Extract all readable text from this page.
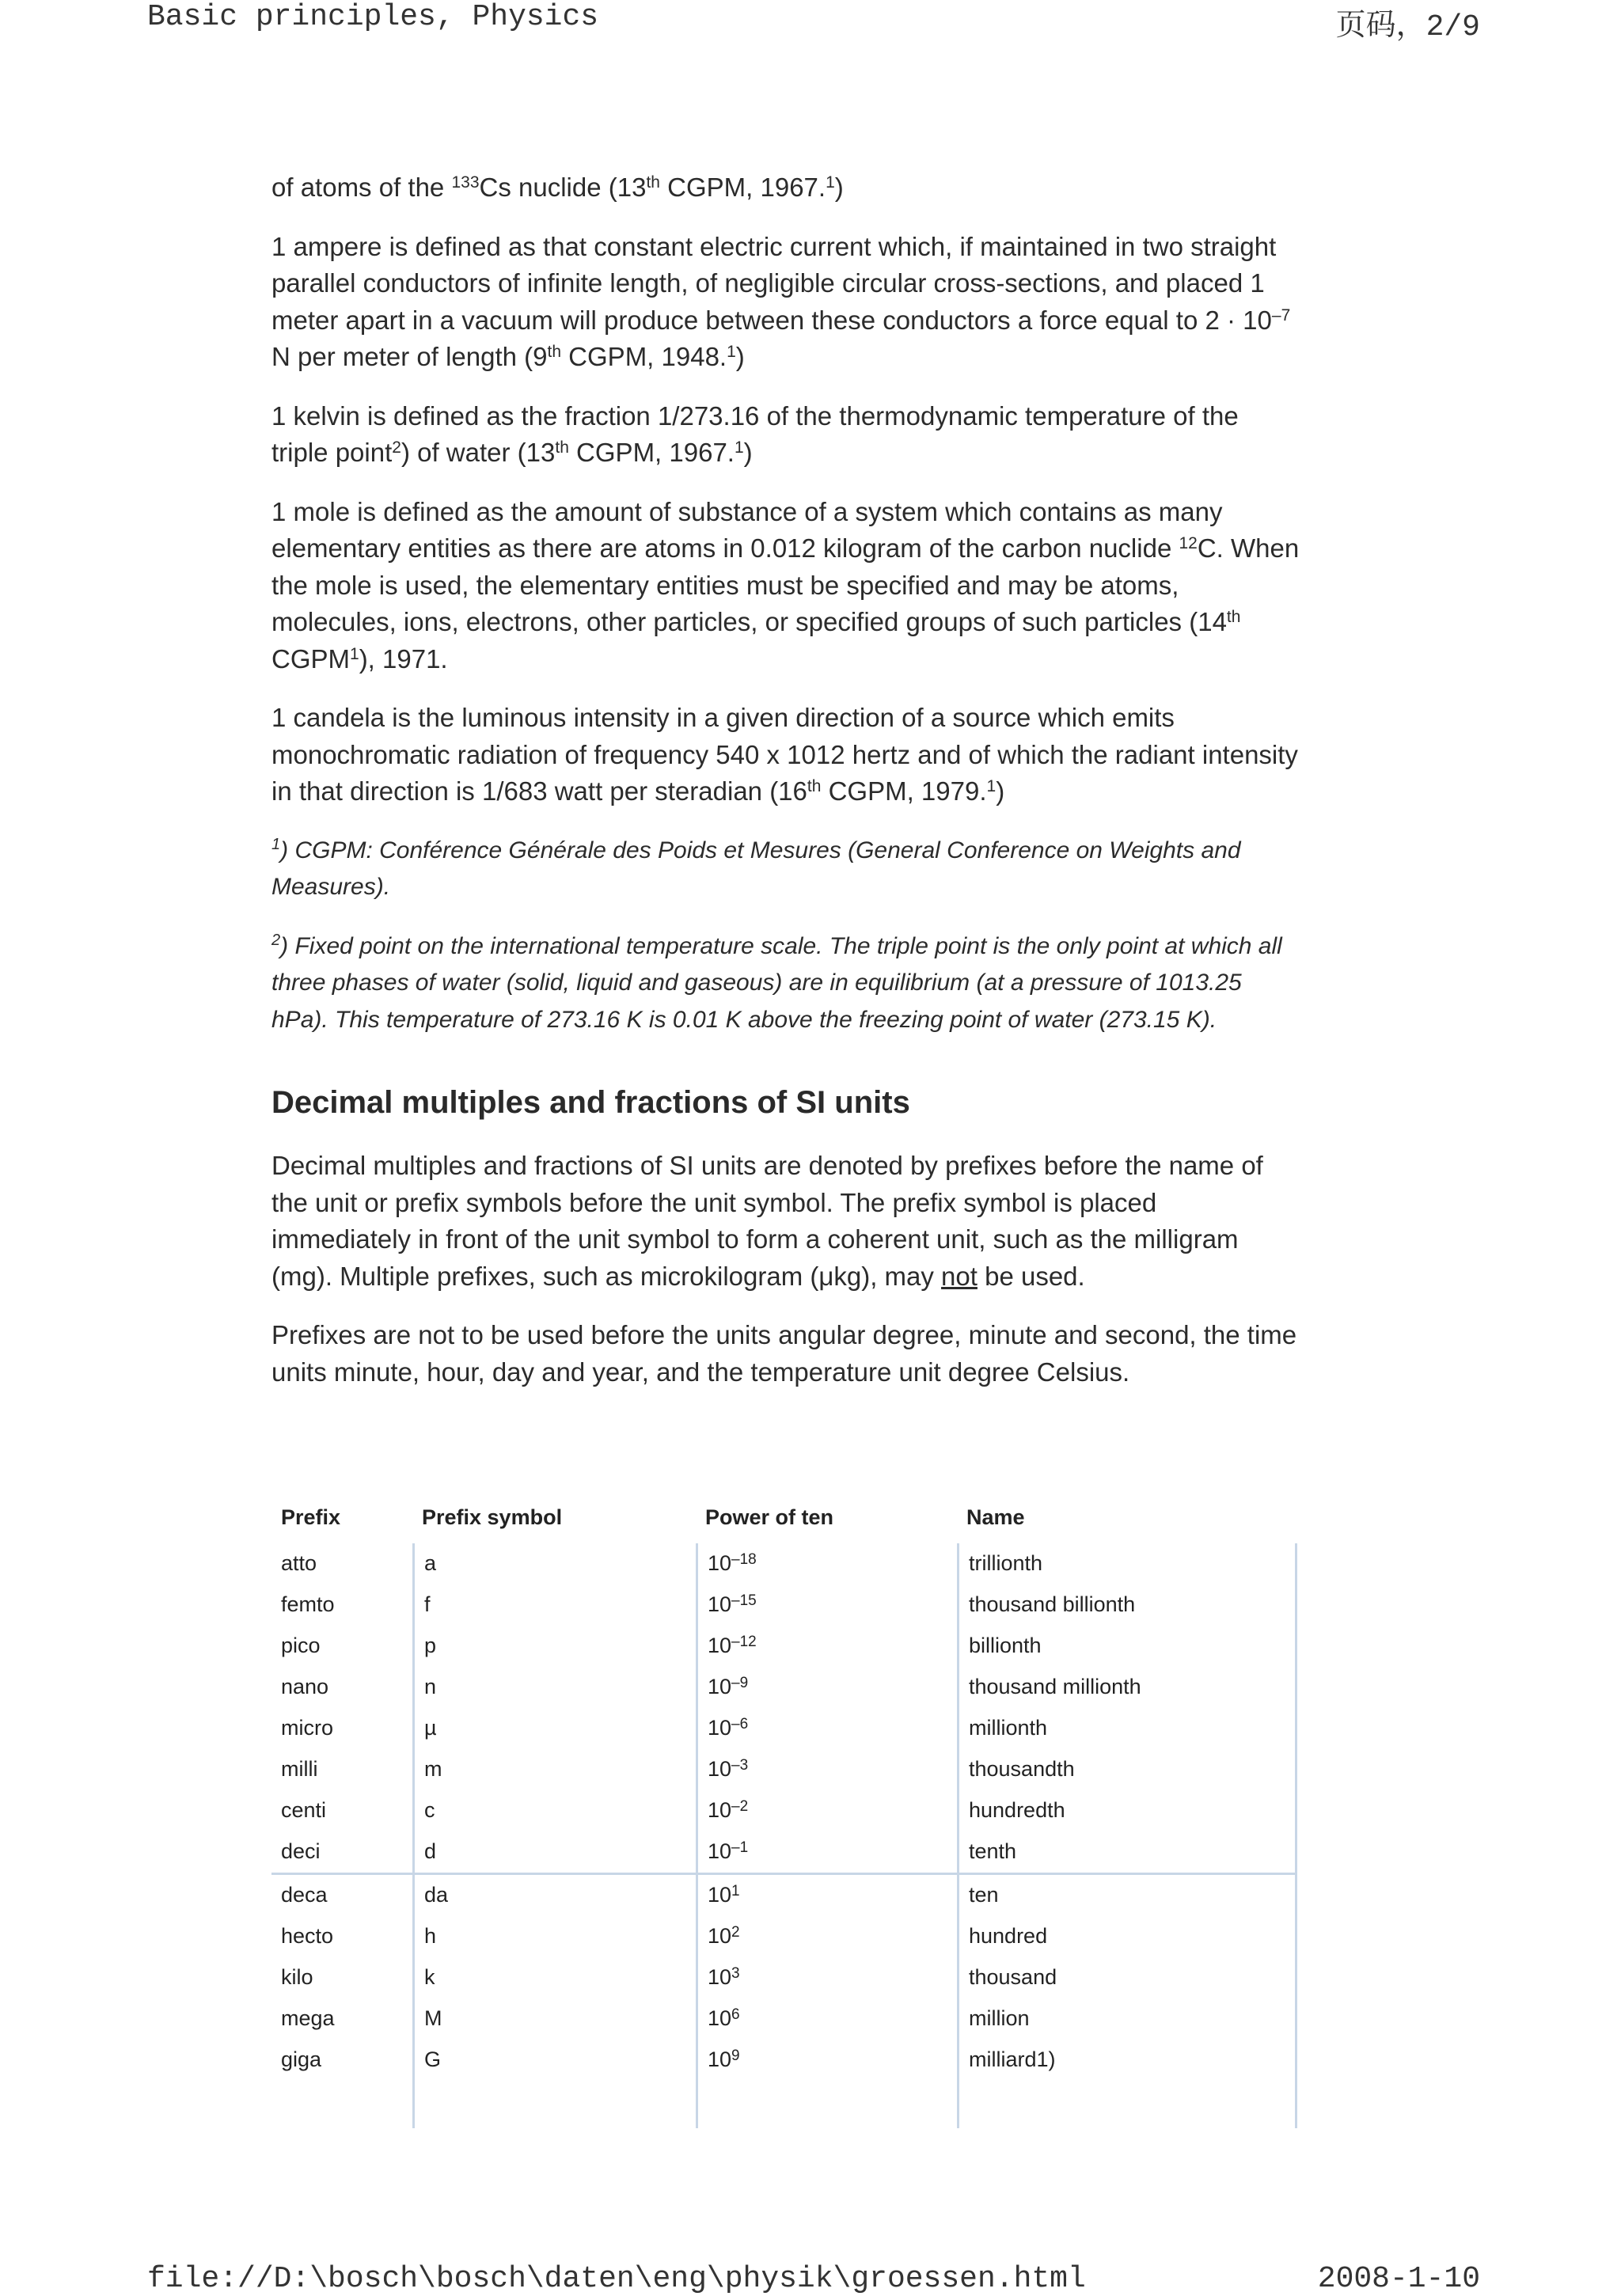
Basic principles, Physics	页码，2/9

of atoms of the $^{133}$Cs nuclide (13th CGPM, 1967.$^1$)

1 ampere is defined as that constant electric current which, if maintained in two straight parallel conductors of infinite length, of negligible circular cross-sections, and placed 1 meter apart in a vacuum will produce between these conductors a force equal to $2 \cdot 10^{-7}$ N per meter of length (9th CGPM, 1948.$^1$)

1 kelvin is defined as the fraction 1/273.16 of the thermodynamic temperature of the triple point$^2$) of water (13th CGPM, 1967.$^1$)

1 mole is defined as the amount of substance of a system which contains as many elementary entities as there are atoms in 0.012 kilogram of the carbon nuclide $^{12}$C. When the mole is used, the elementary entities must be specified and may be atoms, molecules, ions, electrons, other particles, or specified groups of such particles (14th CGPM$^1$), 1971.

1 candela is the luminous intensity in a given direction of a source which emits monochromatic radiation of frequency 540 x 1012 hertz and of which the radiant intensity in that direction is 1/683 watt per steradian (16th CGPM, 1979.$^1$)

$^1$) CGPM: Conférence Générale des Poids et Mesures (General Conference on Weights and Measures).

$^2$) Fixed point on the international temperature scale. The triple point is the only point at which all three phases of water (solid, liquid and gaseous) are in equilibrium (at a pressure of 1013.25 hPa). This temperature of 273.16 K is 0.01 K above the freezing point of water (273.15 K).

Decimal multiples and fractions of SI units

Decimal multiples and fractions of SI units are denoted by prefixes before the name of the unit or prefix symbols before the unit symbol. The prefix symbol is placed immediately in front of the unit symbol to form a coherent unit, such as the milligram (mg). Multiple prefixes, such as microkilogram (μkg), may not be used.

Prefixes are not to be used before the units angular degree, minute and second, the time units minute, hour, day and year, and the temperature unit degree Celsius.

Prefix	Prefix symbol	Power of ten	Name
atto	a	$10^{-18}$	trillionth
femto	f	$10^{-15}$	thousand billionth
pico	p	$10^{-12}$	billionth
nano	n	$10^{-9}$	thousand millionth
micro	µ	$10^{-6}$	millionth
milli	m	$10^{-3}$	thousandth
centi	c	$10^{-2}$	hundredth
deci	d	$10^{-1}$	tenth
deca	da	$10^1$	ten
hecto	h	$10^2$	hundred
kilo	k	$10^3$	thousand
mega	M	$10^6$	million
giga	G	$10^9$	milliard1)
file://D:\bosch\bosch\daten\eng\physik\groessen.html	2008-1-10
